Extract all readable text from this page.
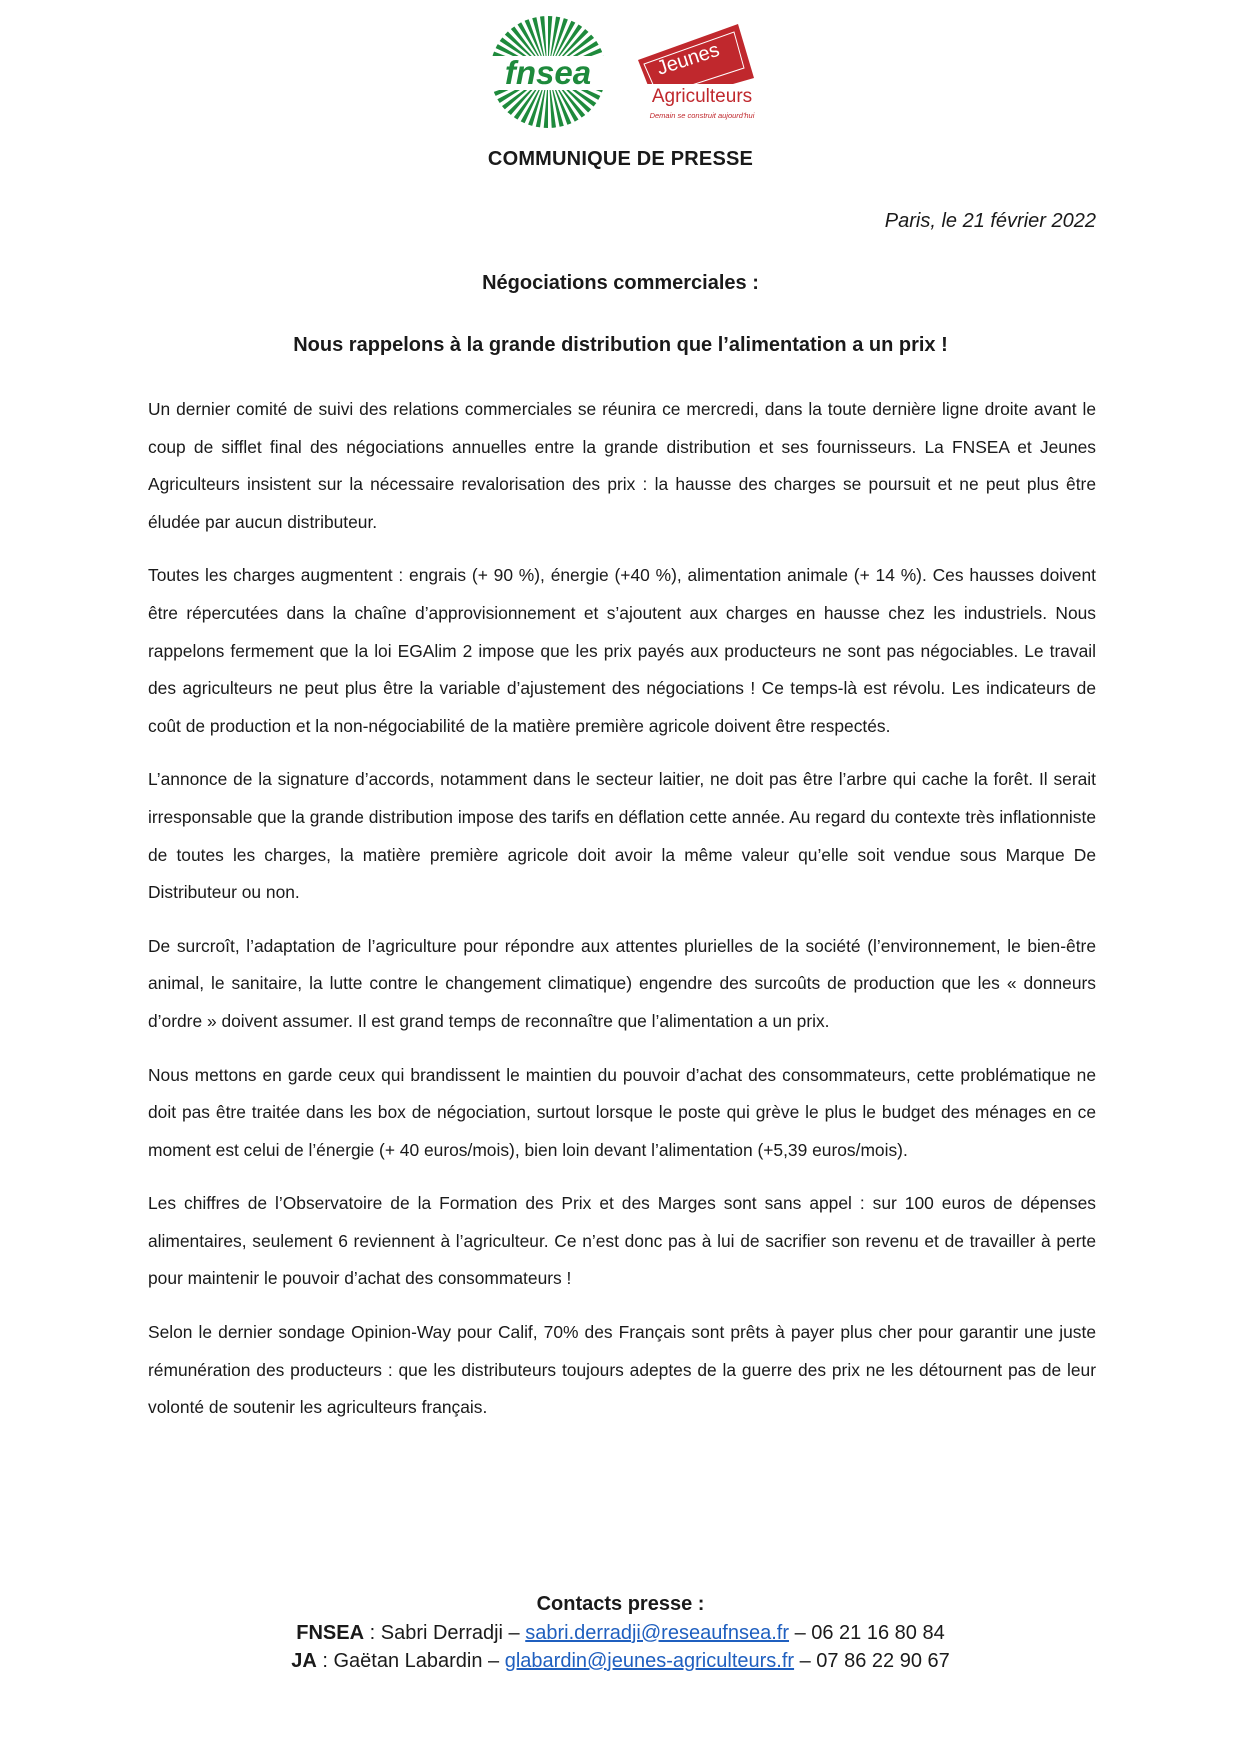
fnsea	Jeunes
Agriculteurs
Demain se construit aujourd'hui
COMMUNIQUE DE PRESSE
Paris, le 21 février 2022
Négociations commerciales :
Nous rappelons à la grande distribution que l’alimentation a un prix !

Un dernier comité de suivi des relations commerciales se réunira ce mercredi, dans la toute dernière ligne droite avant le coup de sifflet final des négociations annuelles entre la grande distribution et ses fournisseurs. La FNSEA et Jeunes Agriculteurs insistent sur la nécessaire revalorisation des prix : la hausse des charges se poursuit et ne peut plus être éludée par aucun distributeur.

Toutes les charges augmentent : engrais (+ 90 %), énergie (+40 %), alimentation animale (+ 14 %). Ces hausses doivent être répercutées dans la chaîne d’approvisionnement et s’ajoutent aux charges en hausse chez les industriels. Nous rappelons fermement que la loi EGAlim 2 impose que les prix payés aux producteurs ne sont pas négociables. Le travail des agriculteurs ne peut plus être la variable d’ajustement des négociations ! Ce temps-là est révolu. Les indicateurs de coût de production et la non-négociabilité de la matière première agricole doivent être respectés.

L’annonce de la signature d’accords, notamment dans le secteur laitier, ne doit pas être l’arbre qui cache la forêt. Il serait irresponsable que la grande distribution impose des tarifs en déflation cette année. Au regard du contexte très inflationniste de toutes les charges, la matière première agricole doit avoir la même valeur qu’elle soit vendue sous Marque De Distributeur ou non.

De surcroît, l’adaptation de l’agriculture pour répondre aux attentes plurielles de la société (l’environnement, le bien-être animal, le sanitaire, la lutte contre le changement climatique) engendre des surcoûts de production que les « donneurs d’ordre » doivent assumer. Il est grand temps de reconnaître que l’alimentation a un prix.

Nous mettons en garde ceux qui brandissent le maintien du pouvoir d’achat des consommateurs, cette problématique ne doit pas être traitée dans les box de négociation, surtout lorsque le poste qui grève le plus le budget des ménages en ce moment est celui de l’énergie (+ 40 euros/mois), bien loin devant l’alimentation (+5,39 euros/mois).

Les chiffres de l’Observatoire de la Formation des Prix et des Marges sont sans appel : sur 100 euros de dépenses alimentaires, seulement 6 reviennent à l’agriculteur. Ce n’est donc pas à lui de sacrifier son revenu et de travailler à perte pour maintenir le pouvoir d’achat des consommateurs !

Selon le dernier sondage Opinion-Way pour Calif, 70% des Français sont prêts à payer plus cher pour garantir une juste rémunération des producteurs : que les distributeurs toujours adeptes de la guerre des prix ne les détournent pas de leur volonté de soutenir les agriculteurs français.

Contacts presse :
FNSEA : Sabri Derradji – sabri.derradji@reseaufnsea.fr – 06 21 16 80 84
JA : Gaëtan Labardin – glabardin@jeunes-agriculteurs.fr – 07 86 22 90 67
